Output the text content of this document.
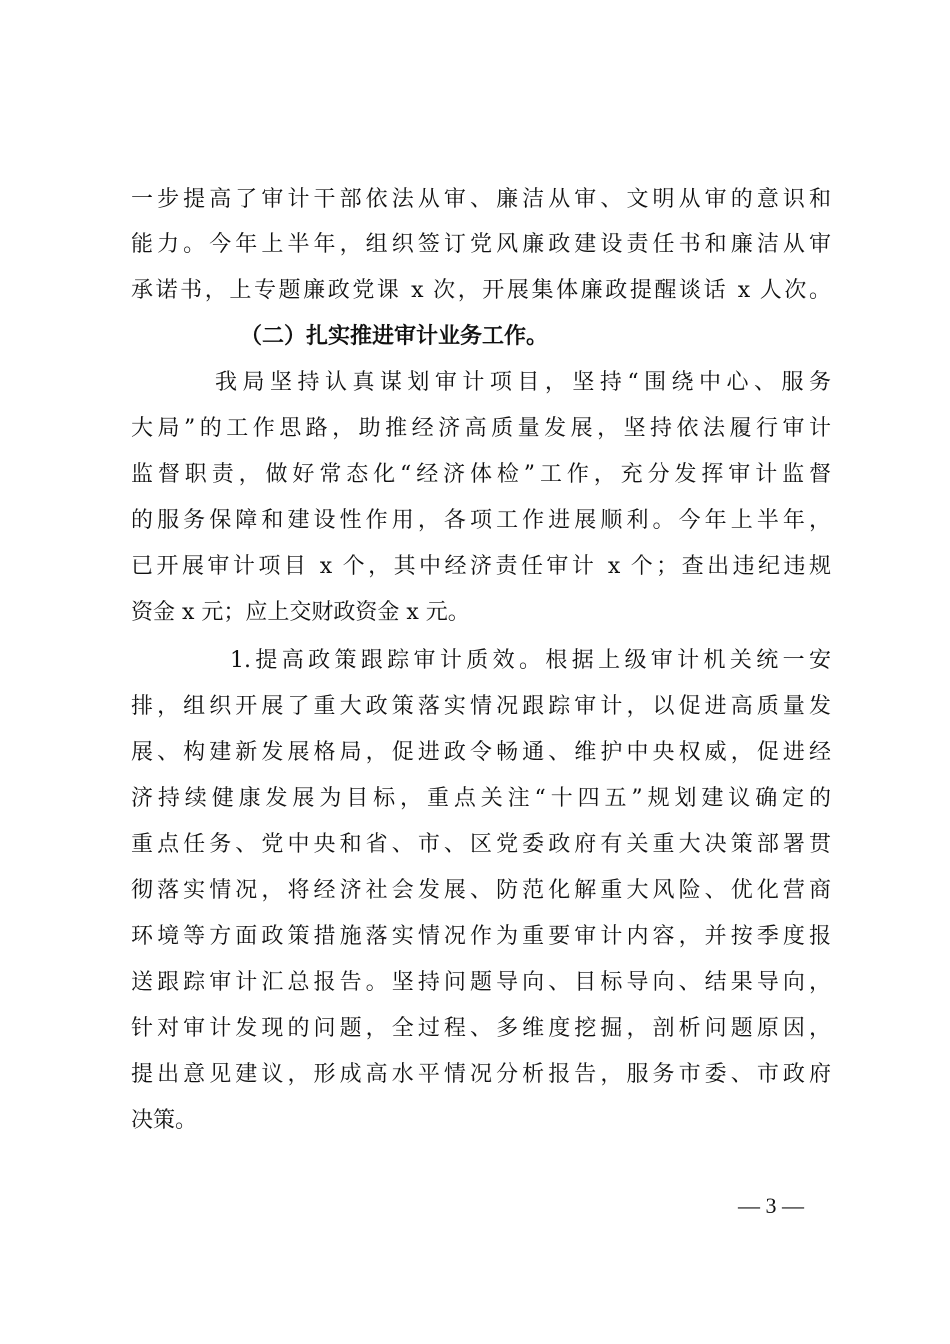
一步提高了审计干部依法从审、廉洁从审、文明从审的意识和
能力。今年上半年，组织签订党风廉政建设责任书和廉洁从审
承诺书，上专题廉政党课 x 次，开展集体廉政提醒谈话 x 人次。
（二）扎实推进审计业务工作。
我局坚持认真谋划审计项目，坚持“围绕中心、服务
大局”的工作思路，助推经济高质量发展，坚持依法履行审计
监督职责，做好常态化“经济体检”工作，充分发挥审计监督
的服务保障和建设性作用，各项工作进展顺利。今年上半年，
已开展审计项目 x 个，其中经济责任审计 x 个；查出违纪违规
资金 x 元；应上交财政资金 x 元。
1.提高政策跟踪审计质效。根据上级审计机关统一安
排，组织开展了重大政策落实情况跟踪审计，以促进高质量发
展、构建新发展格局，促进政令畅通、维护中央权威，促进经
济持续健康发展为目标，重点关注“十四五”规划建议确定的
重点任务、党中央和省、市、区党委政府有关重大决策部署贯
彻落实情况，将经济社会发展、防范化解重大风险、优化营商
环境等方面政策措施落实情况作为重要审计内容，并按季度报
送跟踪审计汇总报告。坚持问题导向、目标导向、结果导向，
针对审计发现的问题，全过程、多维度挖掘，剖析问题原因，
提出意见建议，形成高水平情况分析报告，服务市委、市政府
决策。
— 3 —
